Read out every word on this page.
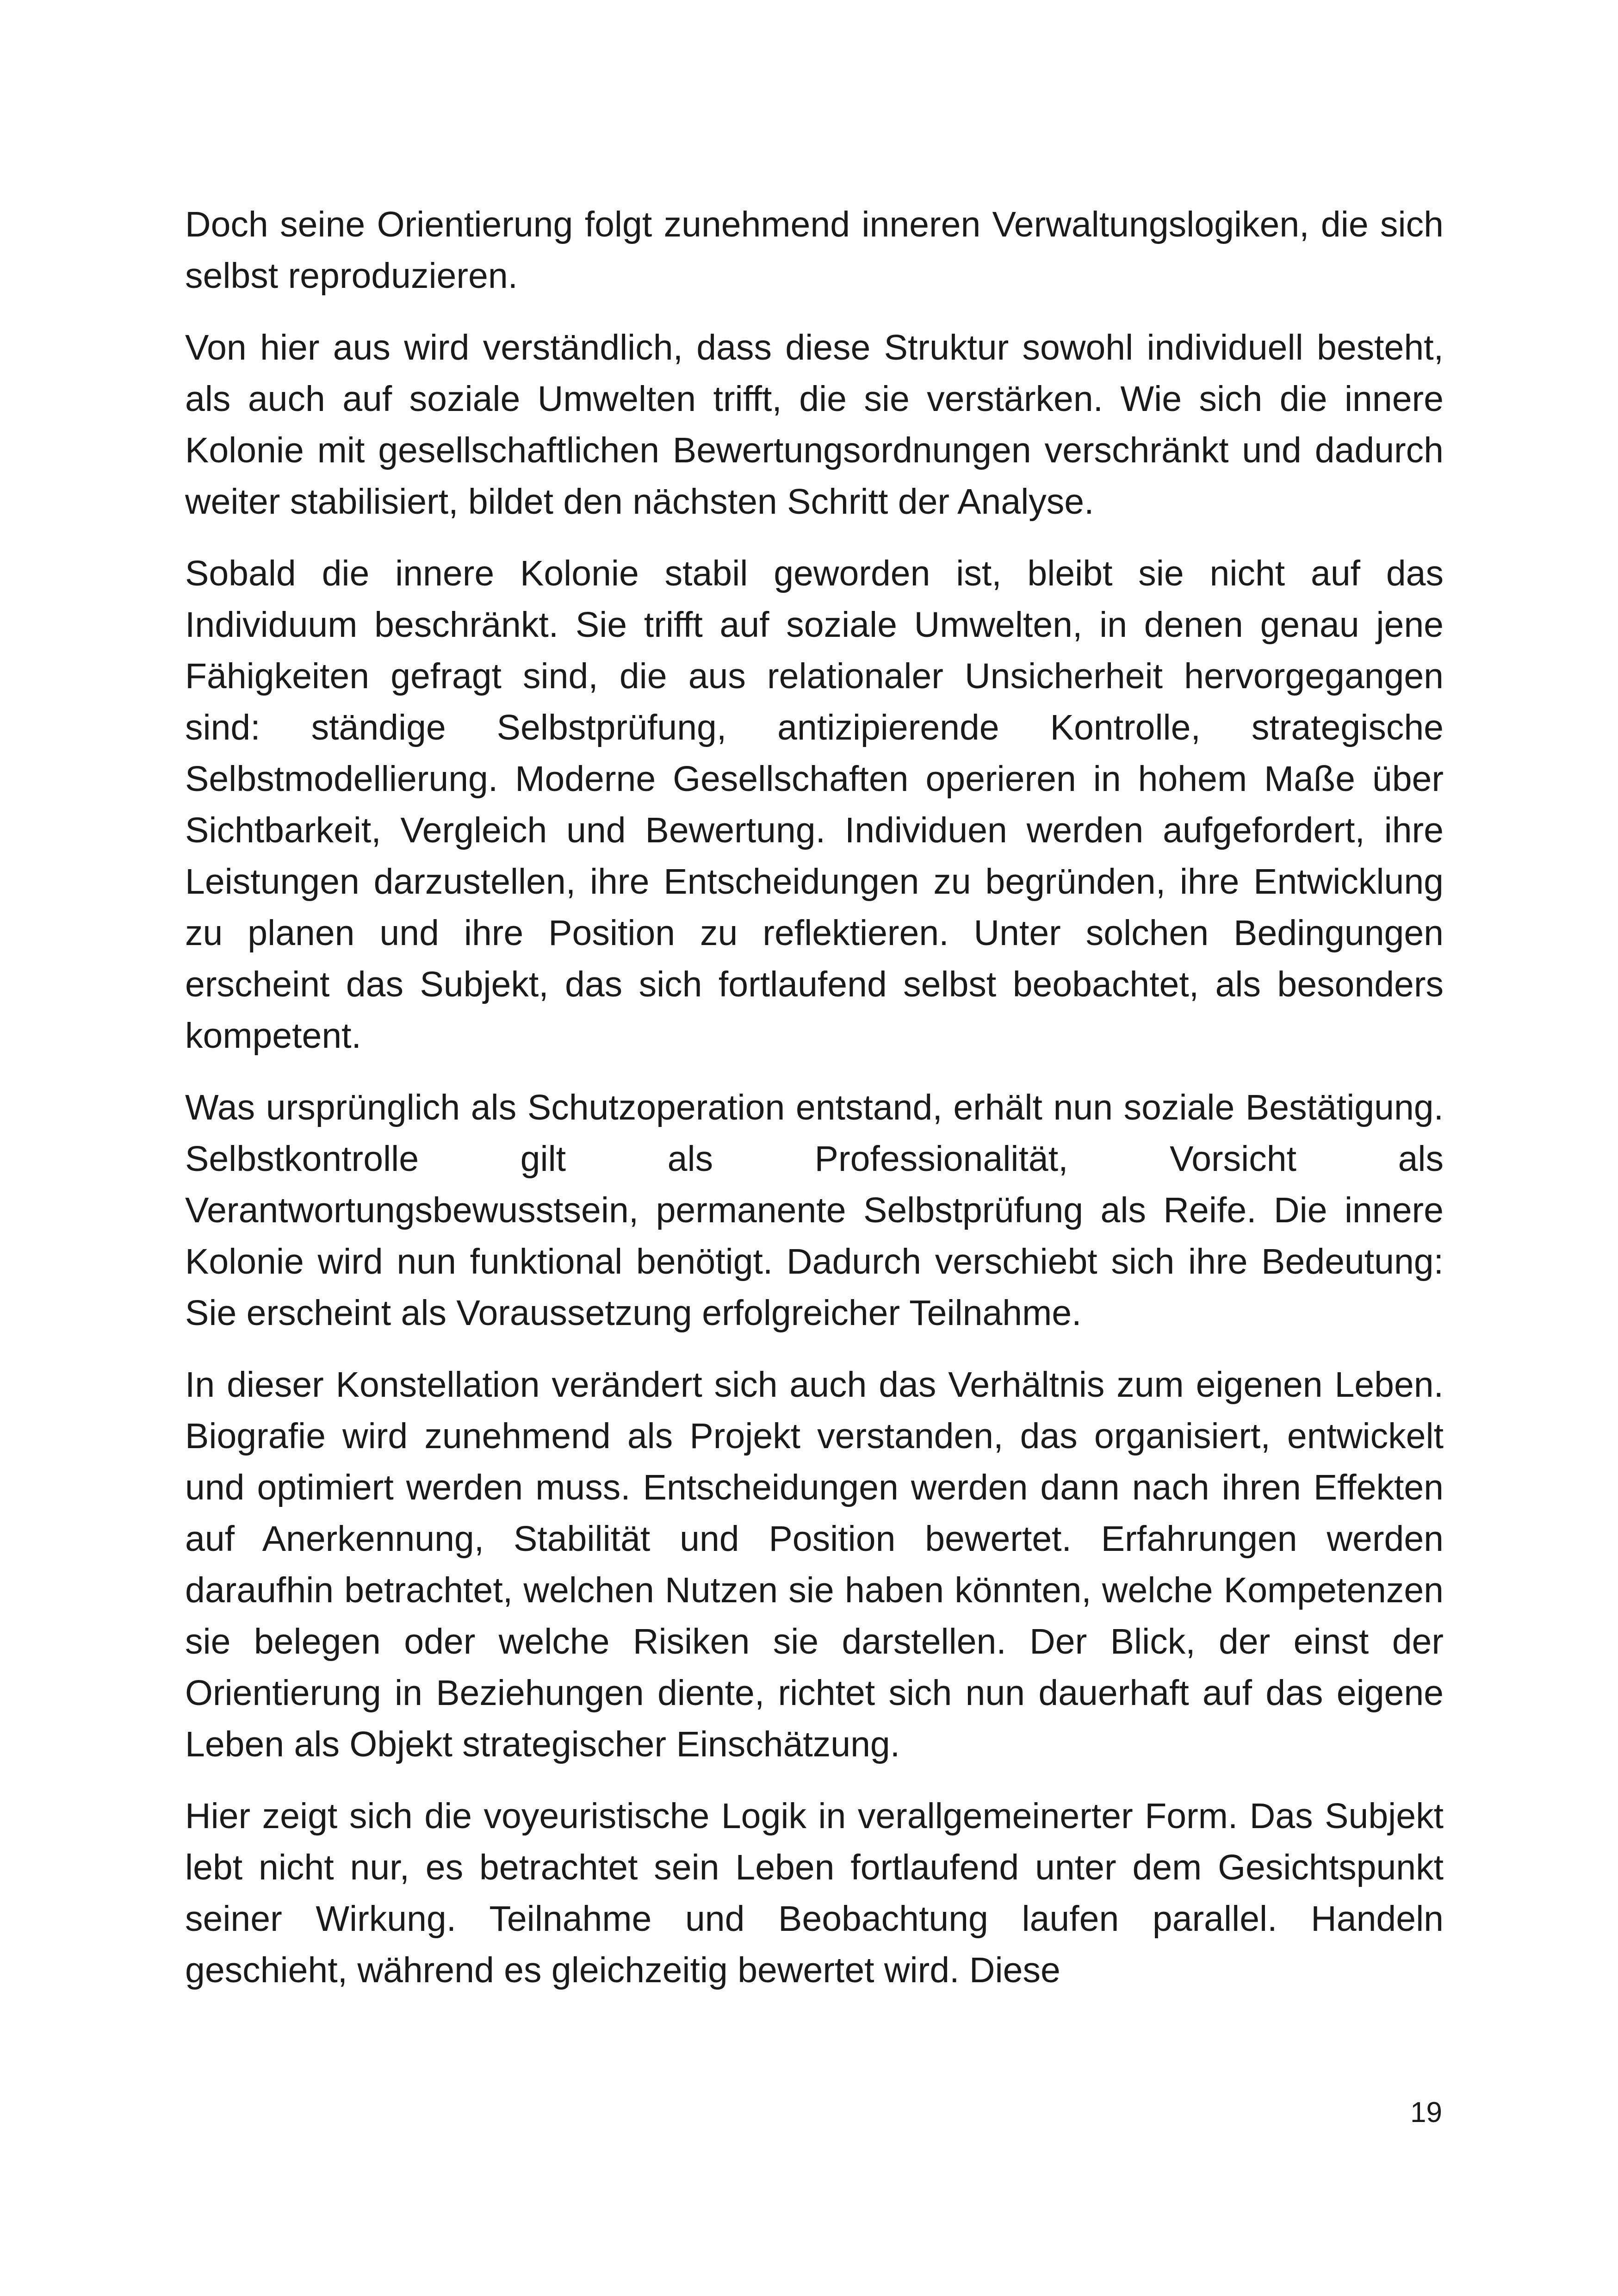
Doch seine Orientierung folgt zunehmend inneren Verwaltungslogiken, die sich selbst reproduzieren.

Von hier aus wird verständlich, dass diese Struktur sowohl individuell besteht, als auch auf soziale Umwelten trifft, die sie verstärken. Wie sich die innere Kolonie mit gesellschaftlichen Bewertungsordnungen verschränkt und dadurch weiter stabilisiert, bildet den nächsten Schritt der Analyse.

Sobald die innere Kolonie stabil geworden ist, bleibt sie nicht auf das Individuum beschränkt. Sie trifft auf soziale Umwelten, in denen genau jene Fähigkeiten gefragt sind, die aus relationaler Unsicherheit hervorgegangen sind: ständige Selbstprüfung, antizipierende Kontrolle, strategische Selbstmodellierung. Moderne Gesellschaften operieren in hohem Maße über Sichtbarkeit, Vergleich und Bewertung. Individuen werden aufgefordert, ihre Leistungen darzustellen, ihre Entscheidungen zu begründen, ihre Entwicklung zu planen und ihre Position zu reflektieren. Unter solchen Bedingungen erscheint das Subjekt, das sich fortlaufend selbst beobachtet, als besonders kompetent.

Was ursprünglich als Schutzoperation entstand, erhält nun soziale Bestätigung. Selbstkontrolle gilt als Professionalität, Vorsicht als Verantwortungsbewusstsein, permanente Selbstprüfung als Reife. Die innere Kolonie wird nun funktional benötigt. Dadurch verschiebt sich ihre Bedeutung: Sie erscheint als Voraussetzung erfolgreicher Teilnahme.

In dieser Konstellation verändert sich auch das Verhältnis zum eigenen Leben. Biografie wird zunehmend als Projekt verstanden, das organisiert, entwickelt und optimiert werden muss. Entscheidungen werden dann nach ihren Effekten auf Anerkennung, Stabilität und Position bewertet. Erfahrungen werden daraufhin betrachtet, welchen Nutzen sie haben könnten, welche Kompetenzen sie belegen oder welche Risiken sie darstellen. Der Blick, der einst der Orientierung in Beziehungen diente, richtet sich nun dauerhaft auf das eigene Leben als Objekt strategischer Einschätzung.

Hier zeigt sich die voyeuristische Logik in verallgemeinerter Form. Das Subjekt lebt nicht nur, es betrachtet sein Leben fortlaufend unter dem Gesichtspunkt seiner Wirkung. Teilnahme und Beobachtung laufen parallel. Handeln geschieht, während es gleichzeitig bewertet wird. Diese

19
